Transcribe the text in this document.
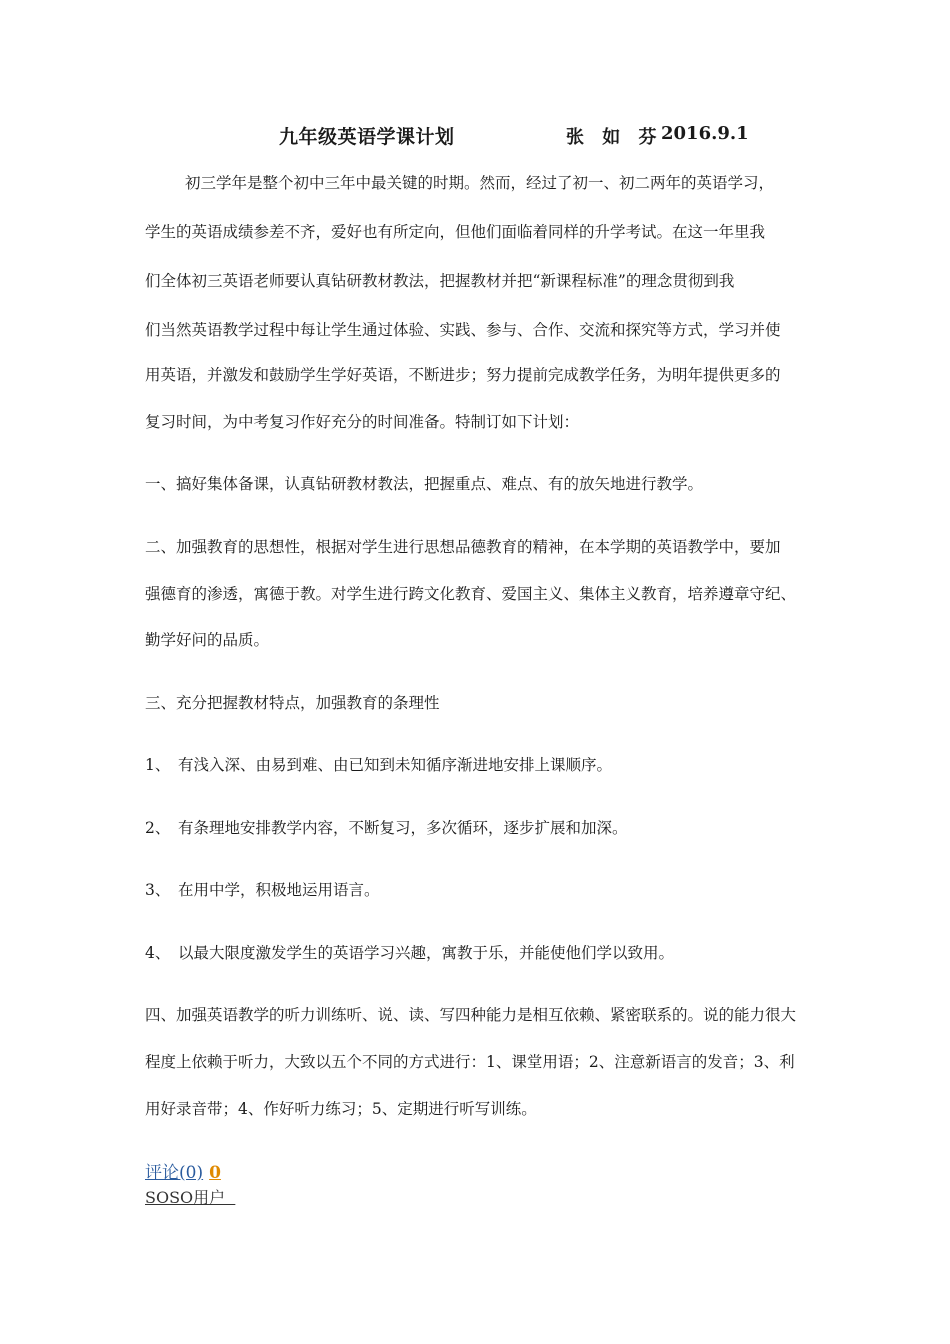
九年级英语学课计划	张 如 芬
2016.9.1
初三学年是整个初中三年中最关键的时期。然而，经过了初一、初二两年的英语学习，
学生的英语成绩参差不齐，爱好也有所定向，但他们面临着同样的升学考试。在这一年里我
们全体初三英语老师要认真钻研教材教法，把握教材并把“新课程标准”的理念贯彻到我
们当然英语教学过程中每让学生通过体验、实践、参与、合作、交流和探究等方式，学习并使
用英语，并激发和鼓励学生学好英语，不断进步；努力提前完成教学任务，为明年提供更多的
复习时间，为中考复习作好充分的时间准备。特制订如下计划：
一、搞好集体备课，认真钻研教材教法，把握重点、难点、有的放矢地进行教学。
二、加强教育的思想性，根据对学生进行思想品德教育的精神，在本学期的英语教学中，要加
强德育的渗透，寓德于教。对学生进行跨文化教育、爱国主义、集体主义教育，培养遵章守纪、
勤学好问的品质。
三、充分把握教材特点，加强教育的条理性
1、 有浅入深、由易到难、由已知到未知循序渐进地安排上课顺序。
2、 有条理地安排教学内容，不断复习，多次循环，逐步扩展和加深。
3、 在用中学，积极地运用语言。
4、 以最大限度激发学生的英语学习兴趣，寓教于乐，并能使他们学以致用。
四、加强英语教学的听力训练听、说、读、写四种能力是相互依赖、紧密联系的。说的能力很大
程度上依赖于听力，大致以五个不同的方式进行：1、课堂用语；2、注意新语言的发音；3、利
用好录音带；4、作好听力练习；5、定期进行听写训练。
评论(0) 0
SOSO用户
